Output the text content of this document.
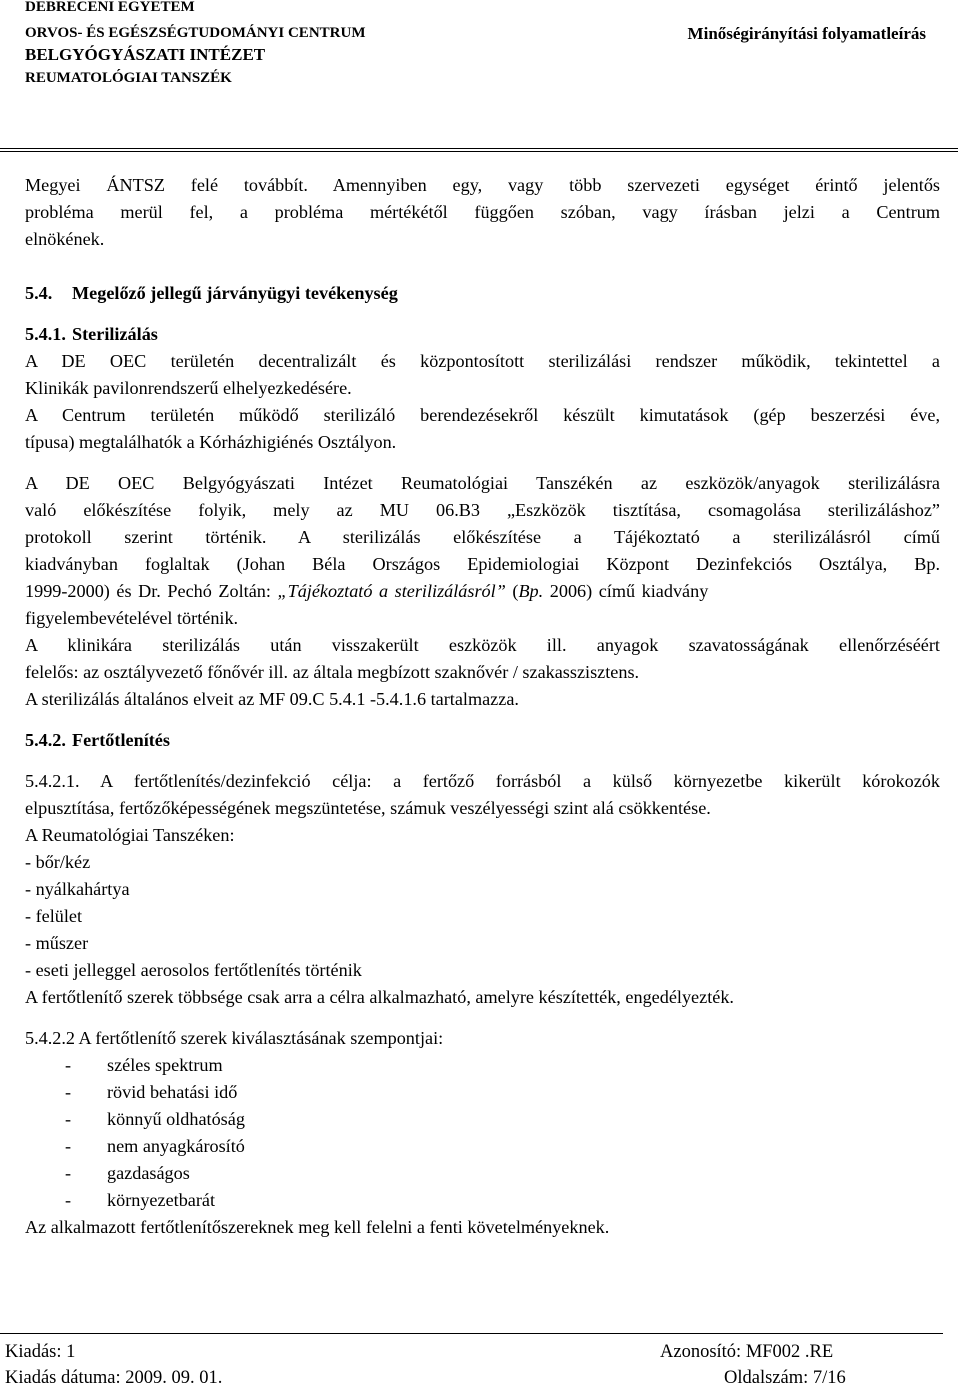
DEBRECENI EGYETEM
ORVOS- ÉS EGÉSZSÉGTUDOMÁNYI CENTRUM
BELGYÓGYÁSZATI INTÉZET
REUMATOLÓGIAI TANSZÉK
Minőségirányítási folyamatleírás
Megyei ÁNTSZ felé továbbít. Amennyiben egy, vagy több szervezeti egységet érintő jelentős
probléma merül fel, a probléma mértékétől függően szóban, vagy írásban jelzi a Centrum
elnökének.
5.4. Megelőző jellegű járványügyi tevékenység
5.4.1. Sterilizálás
A DE OEC területén decentralizált és központosított sterilizálási rendszer működik, tekintettel a
Klinikák pavilonrendszerű elhelyezkedésére.
A Centrum területén működő sterilizáló berendezésekről készült kimutatások (gép beszerzési éve,
típusa) megtalálhatók a Kórházhigiénés Osztályon.
A DE OEC Belgyógyászati Intézet Reumatológiai Tanszékén az eszközök/anyagok sterilizálásra
való előkészítése folyik, mely az MU 06.B3 „Eszközök tisztítása, csomagolása sterilizáláshoz”
protokoll szerint történik. A sterilizálás előkészítése a Tájékoztató a sterilizálásról című
kiadványban foglaltak (Johan Béla Országos Epidemiologiai Központ Dezinfekciós Osztálya, Bp.
1999-2000) és Dr. Pechó Zoltán: „Tájékoztató a sterilizálásról” (Bp. 2006) című kiadvány
figyelembevételével történik.
A klinikára sterilizálás után visszakerült eszközök ill. anyagok szavatosságának ellenőrzéséért
felelős: az osztályvezető főnővér ill. az általa megbízott szaknővér / szakasszisztens.
A sterilizálás általános elveit az MF 09.C 5.4.1 -5.4.1.6 tartalmazza.
5.4.2. Fertőtlenítés
5.4.2.1. A fertőtlenítés/dezinfekció célja: a fertőző forrásból a külső környezetbe kikerült kórokozók
elpusztítása, fertőzőképességének megszüntetése, számuk veszélyességi szint alá csökkentése.
A Reumatológiai Tanszéken:
- bőr/kéz
- nyálkahártya
- felület
- műszer
- eseti jelleggel aerosolos fertőtlenítés történik
A fertőtlenítő szerek többsége csak arra a célra alkalmazható, amelyre készítették, engedélyezték.
5.4.2.2 A fertőtlenítő szerek kiválasztásának szempontjai:
- széles spektrum
- rövid behatási idő
- könnyű oldhatóság
- nem anyagkárosító
- gazdaságos
- környezetbarát
Az alkalmazott fertőtlenítőszereknek meg kell felelni a fenti követelményeknek.
Kiadás: 1	Azonosító: MF002 .RE
Kiadás dátuma: 2009. 09. 01.	Oldalszám: 7/16
